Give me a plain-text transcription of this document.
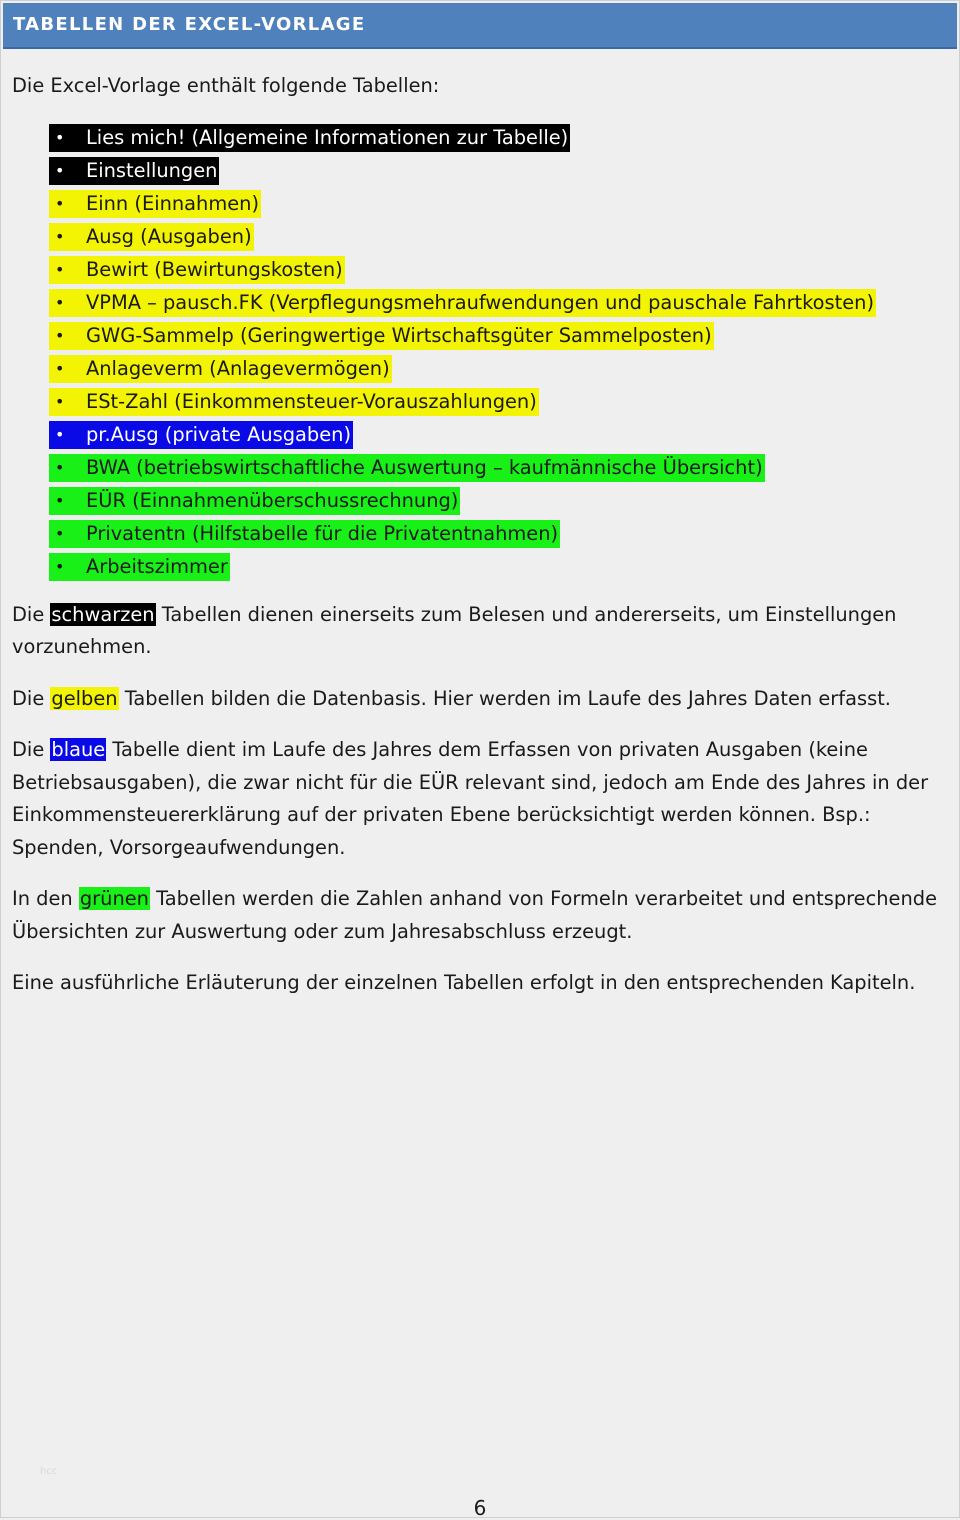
TABELLEN DER EXCEL-VORLAGE

Die Excel-Vorlage enthält folgende Tabellen:

• Lies mich! (Allgemeine Informationen zur Tabelle)
• Einstellungen
• Einn (Einnahmen)
• Ausg (Ausgaben)
• Bewirt (Bewirtungskosten)
• VPMA – pausch.FK (Verpflegungsmehraufwendungen und pauschale Fahrtkosten)
• GWG-Sammelp (Geringwertige Wirtschaftsgüter Sammelposten)
• Anlageverm (Anlagevermögen)
• ESt-Zahl (Einkommensteuer-Vorauszahlungen)
• pr.Ausg (private Ausgaben)
• BWA (betriebswirtschaftliche Auswertung – kaufmännische Übersicht)
• EÜR (Einnahmenüberschussrechnung)
• Privatentn (Hilfstabelle für die Privatentnahmen)
• Arbeitszimmer

Die schwarzen Tabellen dienen einerseits zum Belesen und andererseits, um Einstellungen vorzunehmen.

Die gelben Tabellen bilden die Datenbasis. Hier werden im Laufe des Jahres Daten erfasst.

Die blaue Tabelle dient im Laufe des Jahres dem Erfassen von privaten Ausgaben (keine Betriebsausgaben), die zwar nicht für die EÜR relevant sind, jedoch am Ende des Jahres in der Einkommensteuererklärung auf der privaten Ebene berücksichtigt werden können. Bsp.: Spenden, Vorsorgeaufwendungen.

In den grünen Tabellen werden die Zahlen anhand von Formeln verarbeitet und entsprechende Übersichten zur Auswertung oder zum Jahresabschluss erzeugt.

Eine ausführliche Erläuterung der einzelnen Tabellen erfolgt in den entsprechenden Kapiteln.

hcc
6
